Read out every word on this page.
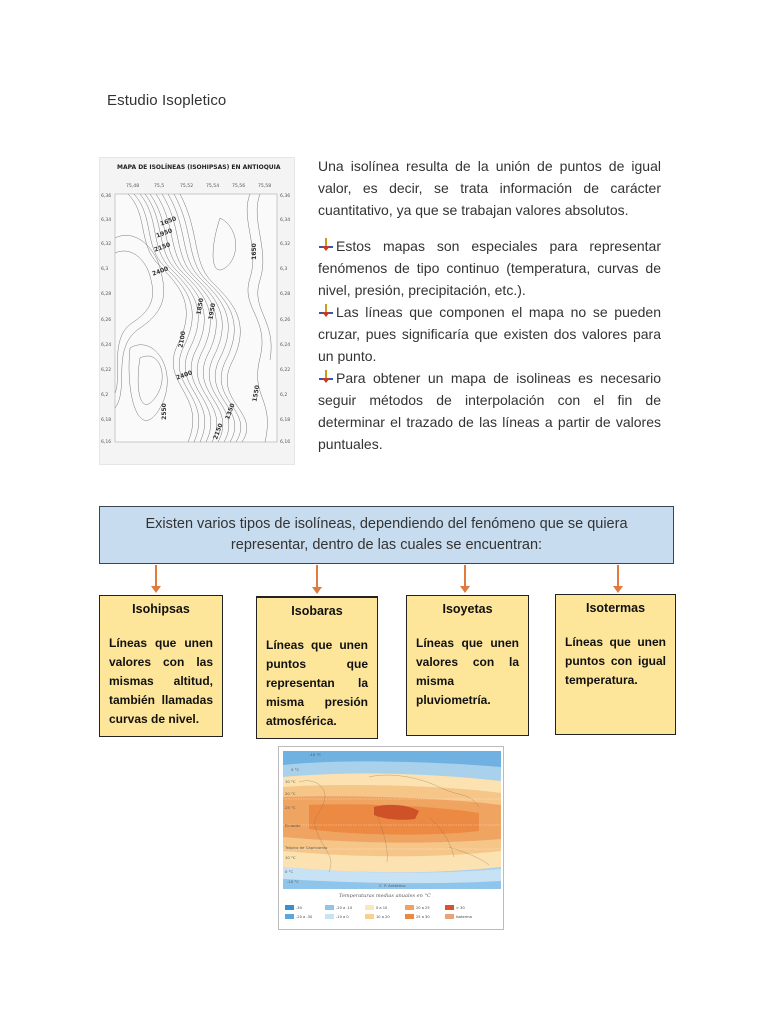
Estudio Isopletico
MAPA DE ISOLÍNEAS (ISOHIPSAS) EN ANTIOQUIA
75,48	75,5	75,52	75,54	75,56	75,58
6,36
6,34
6,32
6,3
6,28
6,26
6,24
6,22
6,2
6,18
6,16
6,36
6,34
6,32
6,3
6,28
6,26
6,24
6,22
6,2
6,18
6,16
1650
1950
2150
2400
1650
1950
1850
2100
2400
2550	1350
2150
1550

Una isolínea resulta de la unión de puntos de igual valor, es decir, se trata información de carácter cuantitativo, ya que se trabajan valores absolutos.

Estos mapas son especiales para representar fenómenos de tipo continuo (temperatura, curvas de nivel, presión, precipitación, etc.).

Las líneas que componen el mapa no se pueden cruzar, pues significaría que existen dos valores para un punto.

Para obtener un mapa de isolineas es necesario seguir métodos de interpolación con el fin de determinar el trazado de las líneas a partir de valores puntuales.

Existen varios tipos de isolíneas, dependiendo del fenómeno que se quiera
representar, dentro de las cuales se encuentran:
Isohipsas
Líneas que unen valores con las mismas altitud, también llamadas curvas de nivel.
Isobaras
Líneas que unen puntos que representan la misma presión atmosférica.
Isoyetas
Líneas que unen valores con la misma pluviometría.
Isotermas
Líneas que unen puntos con igual temperatura.
-10 °C
0 °C
10 °C
20 °C
25 °C
Ecuador
Trópico de Capricornio
10 °C
0 °C
-10 °C
C. P. Antártico
Temperaturas medias anuales en °C
-30	-20 a -10	0 a 10	20 a 25	> 30
-20 a -30	-10 a 0	10 a 20	25 a 30	Isoterma
